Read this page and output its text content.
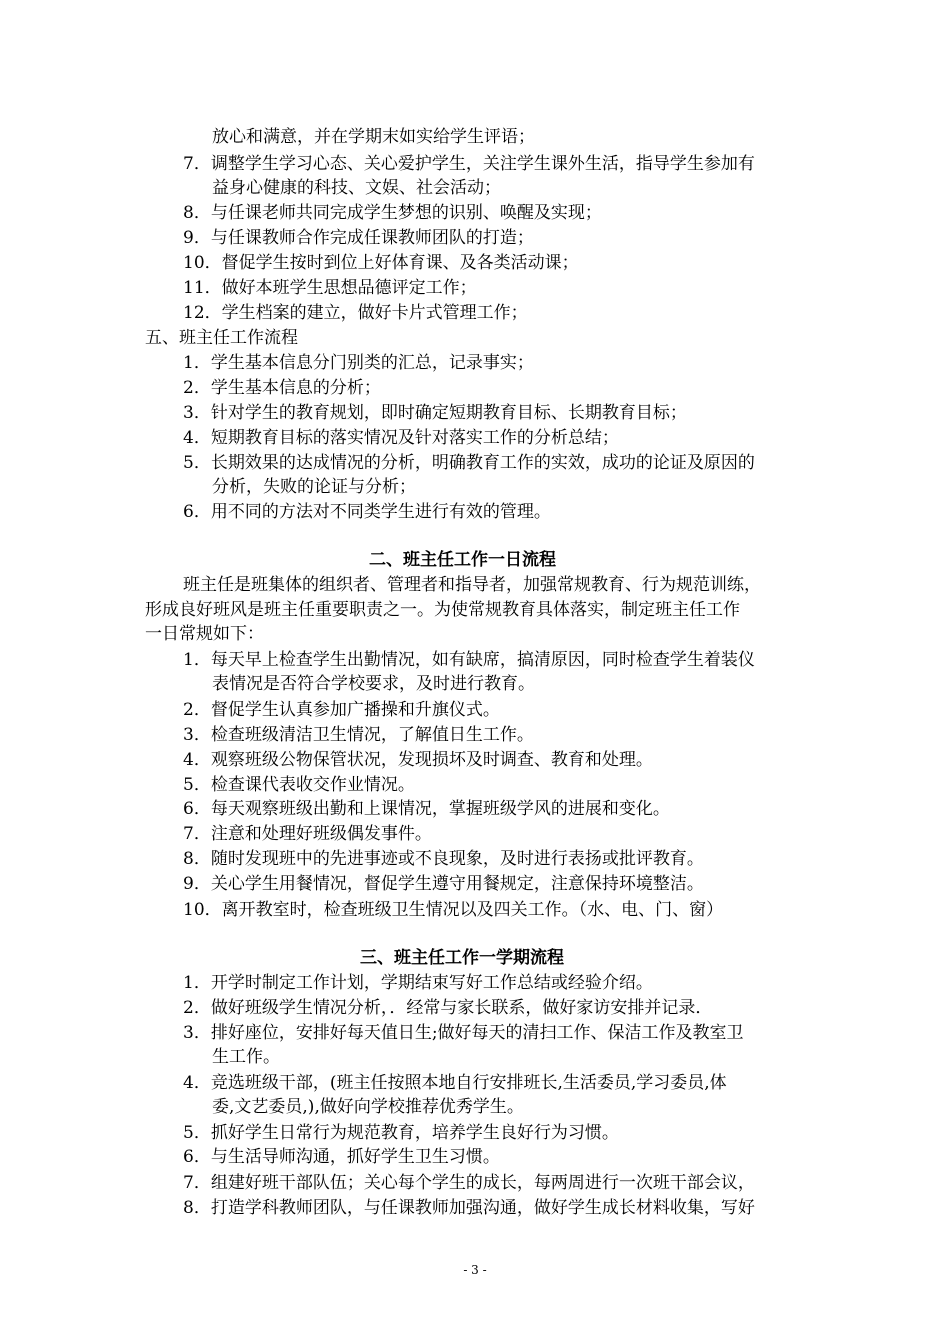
放心和满意，并在学期末如实给学生评语；
7．调整学生学习心态、关心爱护学生，关注学生课外生活，指导学生参加有
益身心健康的科技、文娱、社会活动；
8．与任课老师共同完成学生梦想的识别、唤醒及实现；
9．与任课教师合作完成任课教师团队的打造；
10．督促学生按时到位上好体育课、及各类活动课；
11．做好本班学生思想品德评定工作；
12．学生档案的建立，做好卡片式管理工作；
五、班主任工作流程
1．学生基本信息分门别类的汇总，记录事实；
2．学生基本信息的分析；
3．针对学生的教育规划，即时确定短期教育目标、长期教育目标；
4．短期教育目标的落实情况及针对落实工作的分析总结；
5．长期效果的达成情况的分析，明确教育工作的实效，成功的论证及原因的
分析，失败的论证与分析；
6．用不同的方法对不同类学生进行有效的管理。
二、班主任工作一日流程
班主任是班集体的组织者、管理者和指导者，加强常规教育、行为规范训练，
形成良好班风是班主任重要职责之一。为使常规教育具体落实，制定班主任工作
一日常规如下：
1．每天早上检查学生出勤情况，如有缺席，搞清原因，同时检查学生着装仪
表情况是否符合学校要求，及时进行教育。
2．督促学生认真参加广播操和升旗仪式。
3．检查班级清洁卫生情况，了解值日生工作。
4．观察班级公物保管状况，发现损坏及时调查、教育和处理。
5．检查课代表收交作业情况。
6．每天观察班级出勤和上课情况，掌握班级学风的进展和变化。
7．注意和处理好班级偶发事件。
8．随时发现班中的先进事迹或不良现象，及时进行表扬或批评教育。
9．关心学生用餐情况，督促学生遵守用餐规定，注意保持环境整洁。
10．离开教室时，检查班级卫生情况以及四关工作。（水、电、门、窗）
三、班主任工作一学期流程
1．开学时制定工作计划，学期结束写好工作总结或经验介绍。
2．做好班级学生情况分析，．经常与家长联系，做好家访安排并记录．
3．排好座位，安排好每天值日生;做好每天的清扫工作、保洁工作及教室卫
生工作。
4．竞选班级干部，(班主任按照本地自行安排班长,生活委员,学习委员,体
委,文艺委员,),做好向学校推荐优秀学生。
5．抓好学生日常行为规范教育，培养学生良好行为习惯。
6．与生活导师沟通，抓好学生卫生习惯。
7．组建好班干部队伍；关心每个学生的成长，每两周进行一次班干部会议，
8．打造学科教师团队，与任课教师加强沟通，做好学生成长材料收集，写好
- 3 -
